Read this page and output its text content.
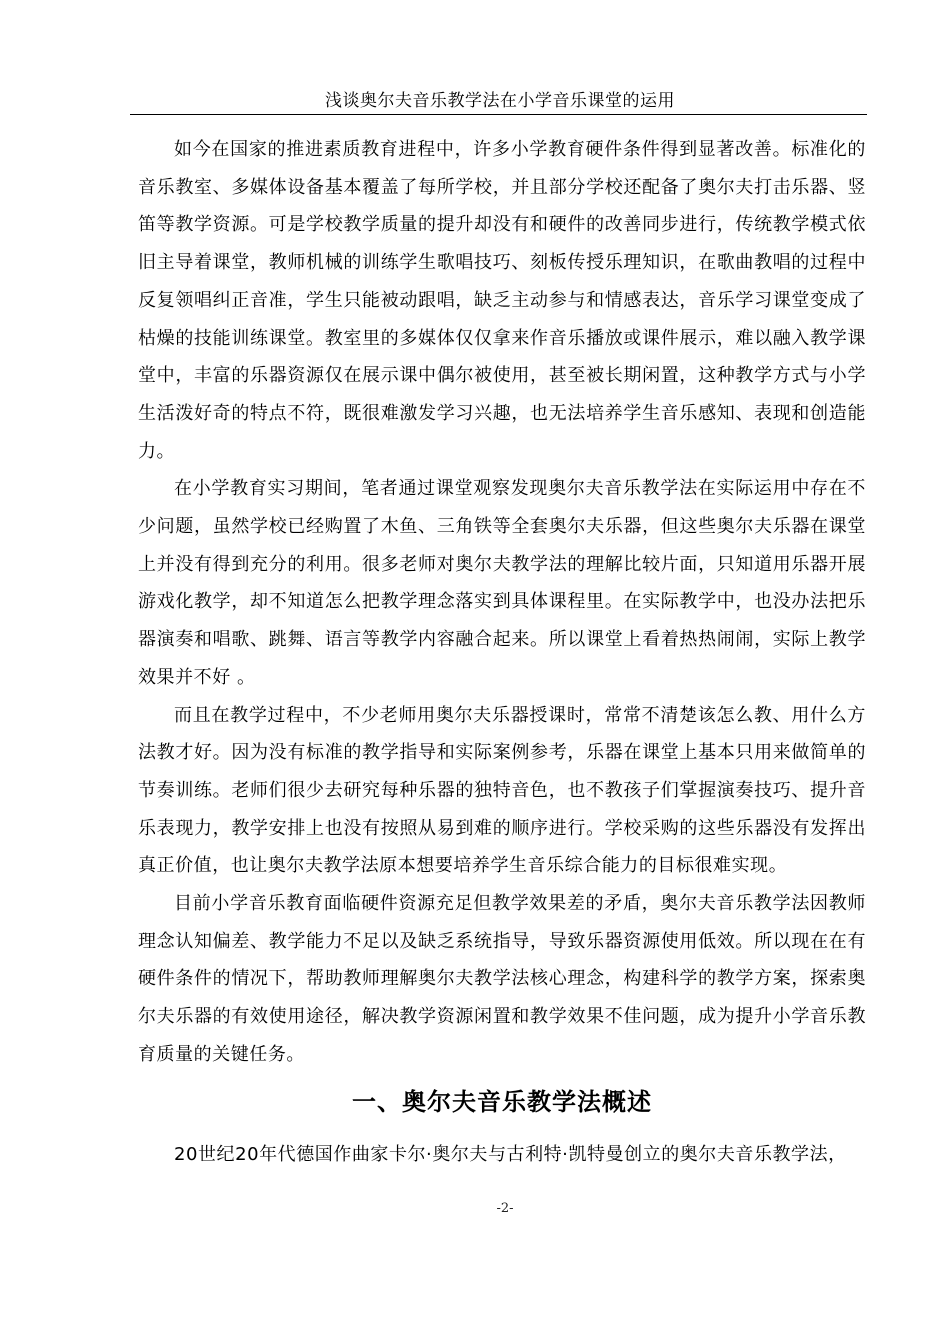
浅谈奥尔夫音乐教学法在小学音乐课堂的运用

如今在国家的推进素质教育进程中，许多小学教育硬件条件得到显著改善。标准化的音乐教室、多媒体设备基本覆盖了每所学校，并且部分学校还配备了奥尔夫打击乐器、竖笛等教学资源。可是学校教学质量的提升却没有和硬件的改善同步进行，传统教学模式依旧主导着课堂，教师机械的训练学生歌唱技巧、刻板传授乐理知识，在歌曲教唱的过程中反复领唱纠正音准，学生只能被动跟唱，缺乏主动参与和情感表达，音乐学习课堂变成了枯燥的技能训练课堂。教室里的多媒体仅仅拿来作音乐播放或课件展示，难以融入教学课堂中，丰富的乐器资源仅在展示课中偶尔被使用，甚至被长期闲置，这种教学方式与小学生活泼好奇的特点不符，既很难激发学习兴趣，也无法培养学生音乐感知、表现和创造能力。

在小学教育实习期间，笔者通过课堂观察发现奥尔夫音乐教学法在实际运用中存在不少问题，虽然学校已经购置了木鱼、三角铁等全套奥尔夫乐器，但这些奥尔夫乐器在课堂上并没有得到充分的利用。很多老师对奥尔夫教学法的理解比较片面，只知道用乐器开展游戏化教学，却不知道怎么把教学理念落实到具体课程里。在实际教学中，也没办法把乐器演奏和唱歌、跳舞、语言等教学内容融合起来。所以课堂上看着热热闹闹，实际上教学效果并不好 。

而且在教学过程中，不少老师用奥尔夫乐器授课时，常常不清楚该怎么教、用什么方法教才好。因为没有标准的教学指导和实际案例参考，乐器在课堂上基本只用来做简单的节奏训练。老师们很少去研究每种乐器的独特音色，也不教孩子们掌握演奏技巧、提升音乐表现力，教学安排上也没有按照从易到难的顺序进行。学校采购的这些乐器没有发挥出真正价值，也让奥尔夫教学法原本想要培养学生音乐综合能力的目标很难实现。

目前小学音乐教育面临硬件资源充足但教学效果差的矛盾，奥尔夫音乐教学法因教师理念认知偏差、教学能力不足以及缺乏系统指导，导致乐器资源使用低效。所以现在在有硬件条件的情况下，帮助教师理解奥尔夫教学法核心理念，构建科学的教学方案，探索奥尔夫乐器的有效使用途径，解决教学资源闲置和教学效果不佳问题，成为提升小学音乐教育质量的关键任务。

一、奥尔夫音乐教学法概述

20世纪20年代德国作曲家卡尔·奥尔夫与古利特·凯特曼创立的奥尔夫音乐教学法，

-2-
